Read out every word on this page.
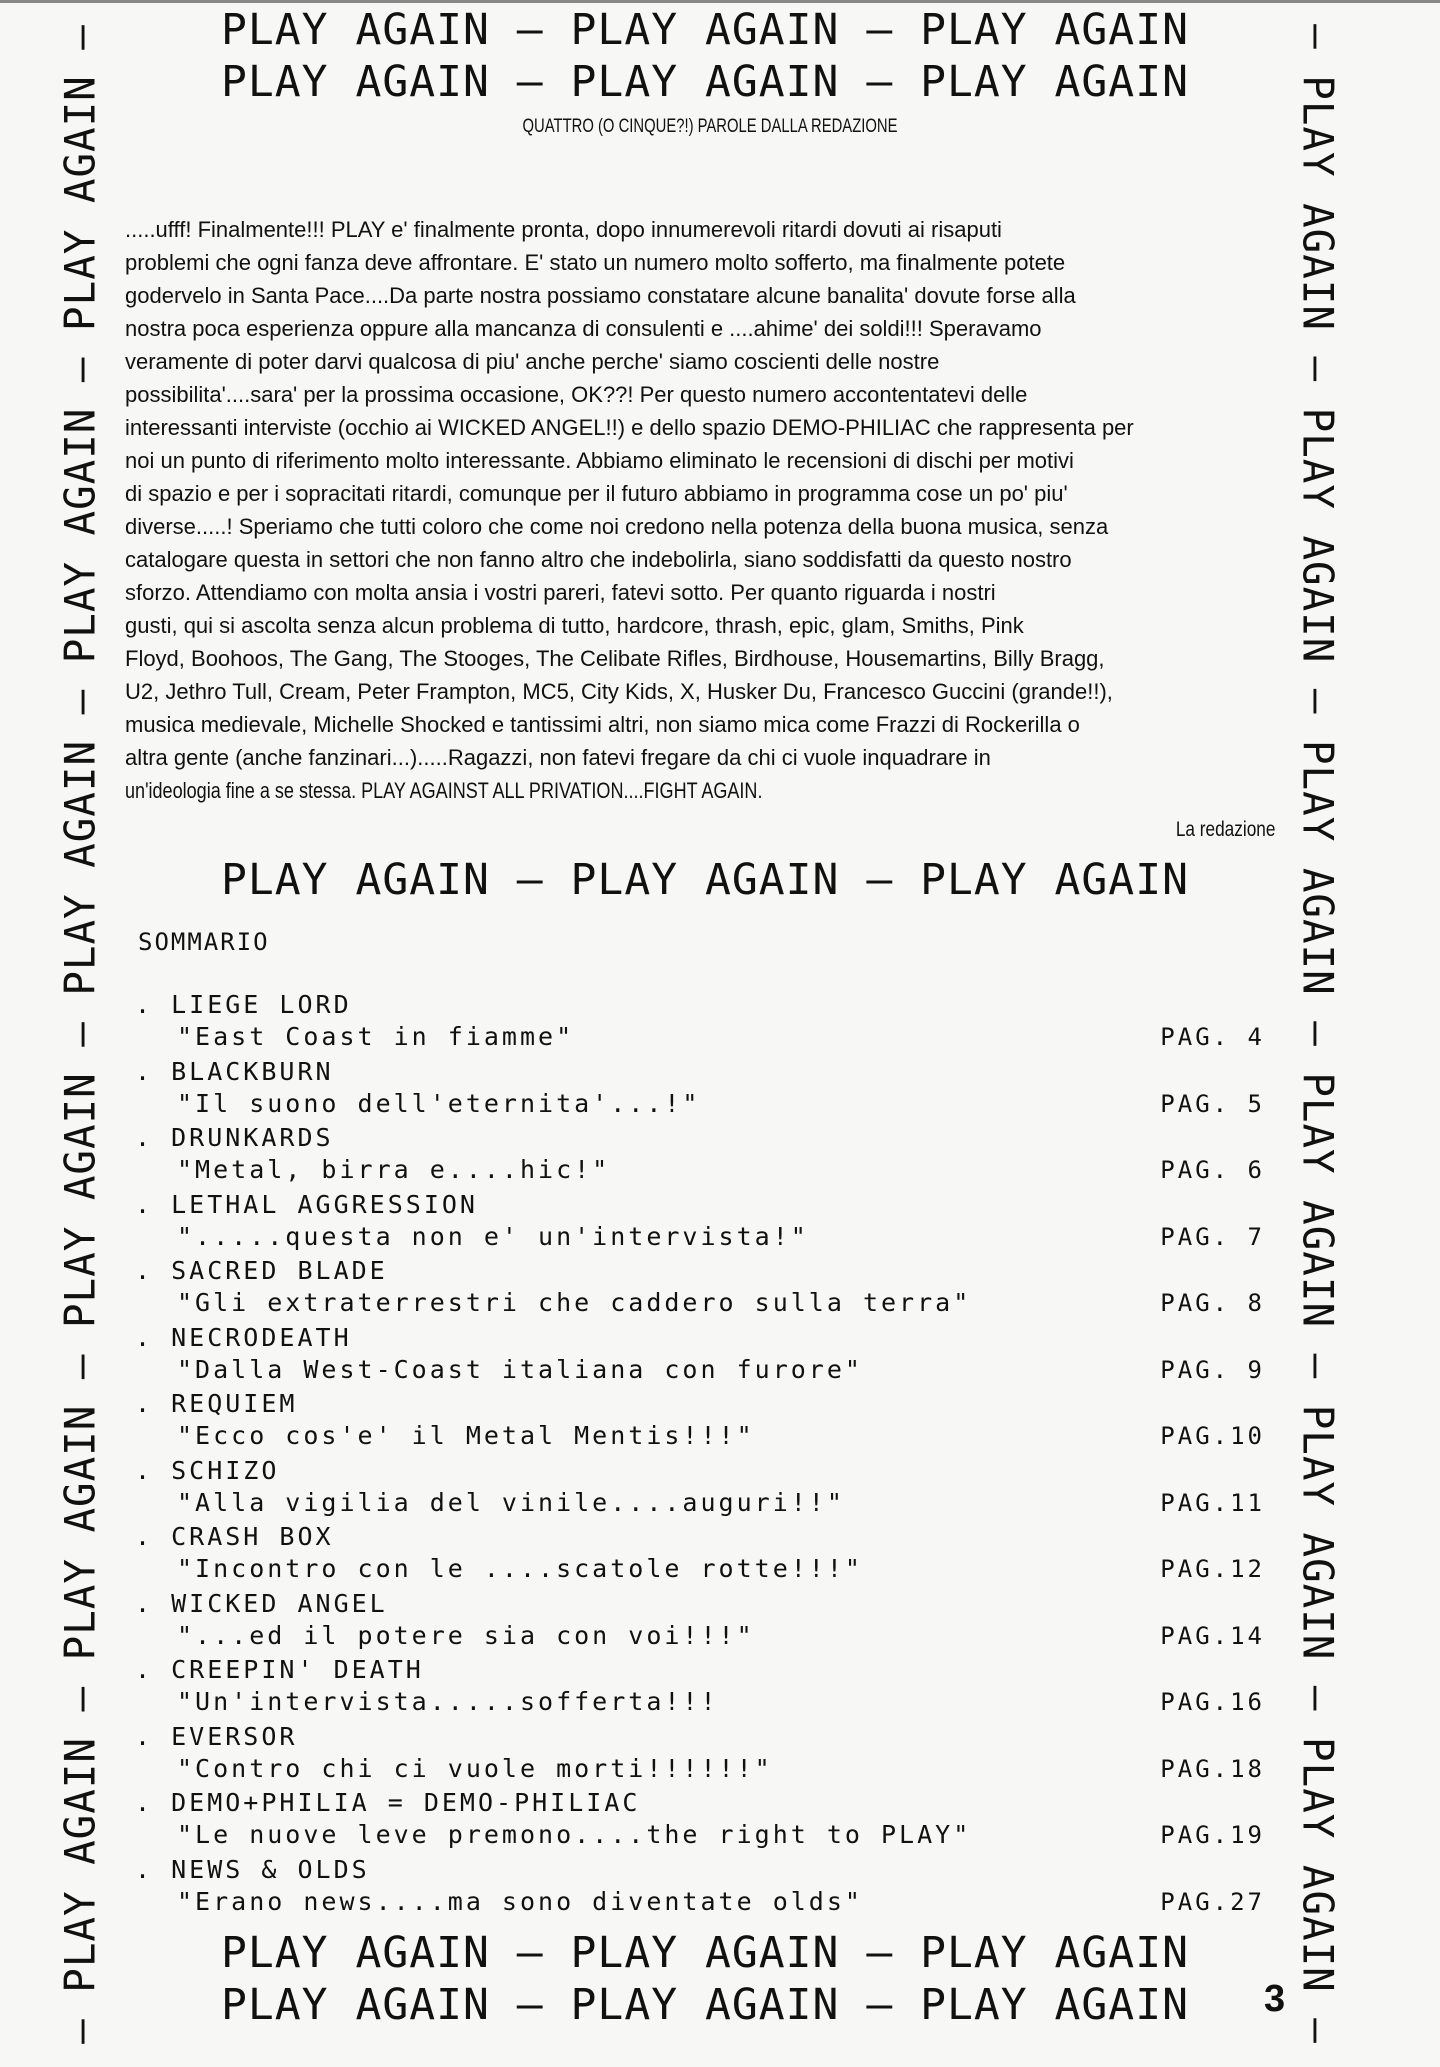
PLAY AGAIN – PLAY AGAIN – PLAY AGAIN
PLAY AGAIN – PLAY AGAIN – PLAY AGAIN
– PLAY AGAIN – PLAY AGAIN – PLAY AGAIN – PLAY AGAIN – PLAY AGAIN – PLAY AGAIN –	– PLAY AGAIN – PLAY AGAIN – PLAY AGAIN – PLAY AGAIN – PLAY AGAIN – PLAY AGAIN –
QUATTRO (O CINQUE?!) PAROLE DALLA REDAZIONE
.....ufff! Finalmente!!! PLAY e' finalmente pronta, dopo innumerevoli ritardi dovuti ai risaputi
problemi che ogni fanza deve affrontare. E' stato un numero molto sofferto, ma finalmente potete
godervelo in Santa Pace....Da parte nostra possiamo constatare alcune banalita' dovute forse alla
nostra poca esperienza oppure alla mancanza di consulenti e ....ahime' dei soldi!!! Speravamo
veramente di poter darvi qualcosa di piu' anche perche' siamo coscienti delle nostre
possibilita'....sara' per la prossima occasione, OK??! Per questo numero accontentatevi delle
interessanti interviste (occhio ai WICKED ANGEL!!) e dello spazio DEMO-PHILIAC che rappresenta per
noi un punto di riferimento molto interessante. Abbiamo eliminato le recensioni di dischi per motivi
di spazio e per i sopracitati ritardi, comunque per il futuro abbiamo in programma cose un po' piu'
diverse.....! Speriamo che tutti coloro che come noi credono nella potenza della buona musica, senza
catalogare questa in settori che non fanno altro che indebolirla, siano soddisfatti da questo nostro
sforzo. Attendiamo con molta ansia i vostri pareri, fatevi sotto. Per quanto riguarda i nostri
gusti, qui si ascolta senza alcun problema di tutto, hardcore, thrash, epic, glam, Smiths, Pink
Floyd, Boohoos, The Gang, The Stooges, The Celibate Rifles, Birdhouse, Housemartins, Billy Bragg,
U2, Jethro Tull, Cream, Peter Frampton, MC5, City Kids, X, Husker Du, Francesco Guccini (grande!!),
musica medievale, Michelle Shocked e tantissimi altri, non siamo mica come Frazzi di Rockerilla o
altra gente (anche fanzinari...).....Ragazzi, non fatevi fregare da chi ci vuole inquadrare in
un'ideologia fine a se stessa. PLAY AGAINST ALL PRIVATION....FIGHT AGAIN.
La redazione
PLAY AGAIN – PLAY AGAIN – PLAY AGAIN
SOMMARIO
. LIEGE LORD
"East Coast in fiamme"	PAG. 4
. BLACKBURN
"Il suono dell'eternita'...!"	PAG. 5
. DRUNKARDS
"Metal, birra e....hic!"	PAG. 6
. LETHAL AGGRESSION
".....questa non e' un'intervista!"	PAG. 7
. SACRED BLADE
"Gli extraterrestri che caddero sulla terra"	PAG. 8
. NECRODEATH
"Dalla West-Coast italiana con furore"	PAG. 9
. REQUIEM
"Ecco cos'e' il Metal Mentis!!!"	PAG.10
. SCHIZO
"Alla vigilia del vinile....auguri!!"	PAG.11
. CRASH BOX
"Incontro con le ....scatole rotte!!!"	PAG.12
. WICKED ANGEL
"...ed il potere sia con voi!!!"	PAG.14
. CREEPIN' DEATH
"Un'intervista.....sofferta!!!	PAG.16
. EVERSOR
"Contro chi ci vuole morti!!!!!!"	PAG.18
. DEMO+PHILIA = DEMO-PHILIAC
"Le nuove leve premono....the right to PLAY"	PAG.19
. NEWS & OLDS
"Erano news....ma sono diventate olds"	PAG.27
PLAY AGAIN – PLAY AGAIN – PLAY AGAIN
PLAY AGAIN – PLAY AGAIN – PLAY AGAIN	3
